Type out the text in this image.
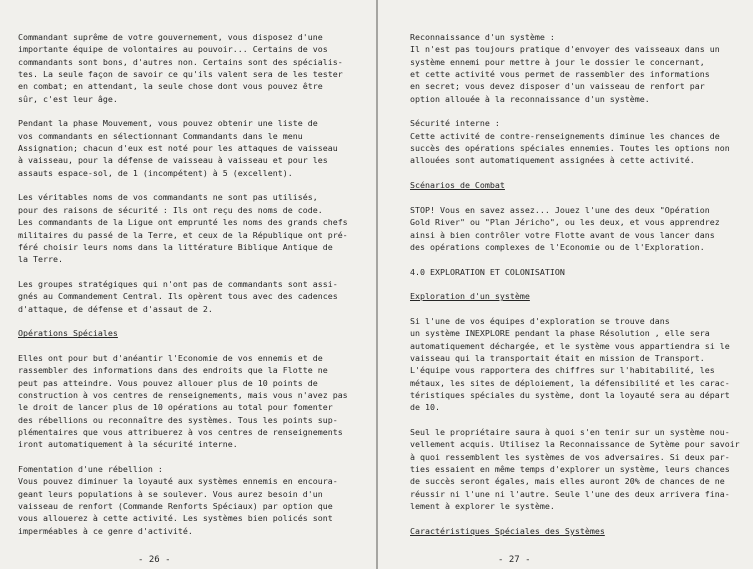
Commandant suprême de votre gouvernement, vous disposez d'une
importante équipe de volontaires au pouvoir... Certains de vos
commandants sont bons, d'autres non. Certains sont des spécialis-
tes. La seule façon de savoir ce qu'ils valent sera de les tester
en combat; en attendant, la seule chose dont vous pouvez être
sûr, c'est leur âge.
Pendant la phase Mouvement, vous pouvez obtenir une liste de
vos commandants en sélectionnant Commandants dans le menu
Assignation; chacun d'eux est noté pour les attaques de vaisseau
à vaisseau, pour la défense de vaisseau à vaisseau et pour les
assauts espace-sol, de 1 (incompétent) à 5 (excellent).
Les véritables noms de vos commandants ne sont pas utilisés,
pour des raisons de sécurité : Ils ont reçu des noms de code.
Les commandants de la Ligue ont emprunté les noms des grands chefs
militaires du passé de la Terre, et ceux de la République ont pré-
féré choisir leurs noms dans la littérature Biblique Antique de
la Terre.
Les groupes stratégiques qui n'ont pas de commandants sont assi-
gnés au Commandement Central. Ils opèrent tous avec des cadences
d'attaque, de défense et d'assaut de 2.
Opérations Spéciales
Elles ont pour but d'anéantir l'Economie de vos ennemis et de
rassembler des informations dans des endroits que la Flotte ne
peut pas atteindre. Vous pouvez allouer plus de 10 points de
construction à vos centres de renseignements, mais vous n'avez pas
le droit de lancer plus de 10 opérations au total pour fomenter
des rébellions ou reconnaître des systèmes. Tous les points sup-
plémentaires que vous attribuerez à vos centres de renseignements
iront automatiquement à la sécurité interne.
Fomentation d'une rébellion :
Vous pouvez diminuer la loyauté aux systèmes ennemis en encoura-
geant leurs populations à se soulever. Vous aurez besoin d'un
vaisseau de renfort (Commande Renforts Spéciaux) par option que
vous allouerez à cette activité. Les systèmes bien policés sont
imperméables à ce genre d'activité.
- 26 -
Reconnaissance d'un système :
Il n'est pas toujours pratique d'envoyer des vaisseaux dans un
système ennemi pour mettre à jour le dossier le concernant,
et cette activité vous permet de rassembler des informations
en secret; vous devez disposer d'un vaisseau de renfort par
option allouée à la reconnaissance d'un système.
Sécurité interne :
Cette activité de contre-renseignements diminue les chances de
succès des opérations spéciales ennemies. Toutes les options non
allouées sont automatiquement assignées à cette activité.
Scénarios de Combat
STOP! Vous en savez assez... Jouez l'une des deux "Opération
Gold River" ou "Plan Jéricho", ou les deux, et vous apprendrez
ainsi à bien contrôler votre Flotte avant de vous lancer dans
des opérations complexes de l'Economie ou de l'Exploration.
4.0 EXPLORATION ET COLONISATION
Exploration d'un système
Si l'une de vos équipes d'exploration se trouve dans
un système INEXPLORE pendant la phase Résolution , elle sera
automatiquement déchargée, et le système vous appartiendra si le
vaisseau qui la transportait était en mission de Transport.
L'équipe vous rapportera des chiffres sur l'habitabilité, les
métaux, les sites de déploiement, la défensibilité et les carac-
téristiques spéciales du système, dont la loyauté sera au départ
de 10.
Seul le propriétaire saura à quoi s'en tenir sur un système nou-
vellement acquis. Utilisez la Reconnaissance de Sytème pour savoir
à quoi ressemblent les systèmes de vos adversaires. Si deux par-
ties essaient en même temps d'explorer un système, leurs chances
de succès seront égales, mais elles auront 20% de chances de ne
réussir ni l'une ni l'autre. Seule l'une des deux arrivera fina-
lement à explorer le système.
Caractéristiques Spéciales des Systèmes
- 27 -
